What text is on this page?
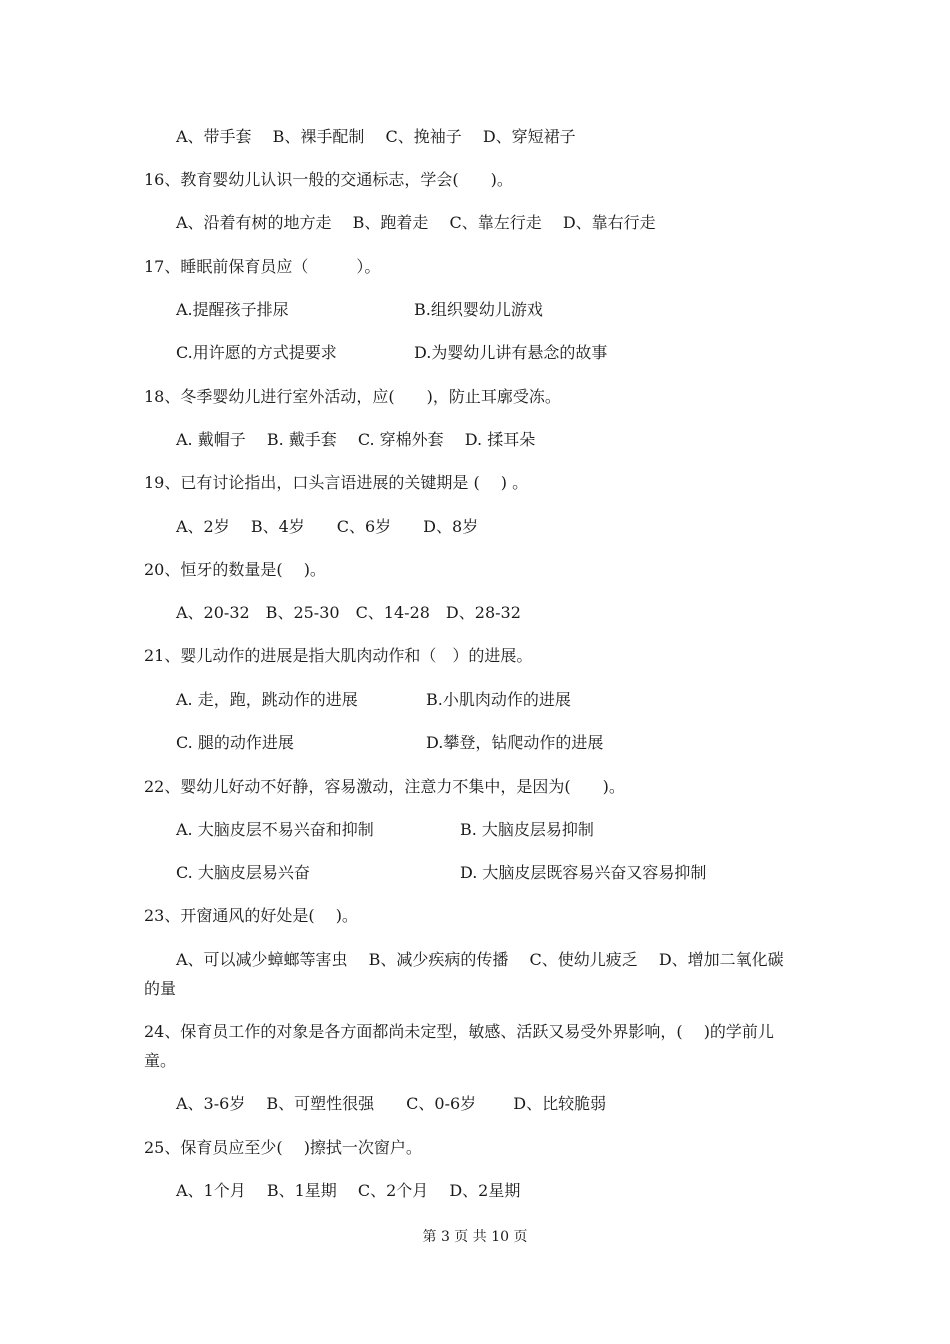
A、带手套　 B、裸手配制　 C、挽袖子　 D、穿短裙子
16、教育婴幼儿认识一般的交通标志，学会(　　)。
A、沿着有树的地方走　 B、跑着走　 C、靠左行走　 D、靠右行走
17、睡眠前保育员应（　　　）。
A.提醒孩子排尿	B.组织婴幼儿游戏
C.用许愿的方式提要求	D.为婴幼儿讲有悬念的故事
18、冬季婴幼儿进行室外活动，应(　　)，防止耳廓受冻。
A. 戴帽子　 B. 戴手套　 C. 穿棉外套　 D. 揉耳朵
19、已有讨论指出，口头言语进展的关键期是 (　 ) 。
A、2岁　 B、4岁　　C、6岁　　D、8岁
20、恒牙的数量是(　 )。
A、20-32　B、25-30　C、14-28　D、28-32
21、婴儿动作的进展是指大肌肉动作和（　）的进展。
A. 走，跑，跳动作的进展	B.小肌肉动作的进展
C. 腿的动作进展	D.攀登，钻爬动作的进展
22、婴幼儿好动不好静，容易激动，注意力不集中，是因为(　　)。
A. 大脑皮层不易兴奋和抑制	B. 大脑皮层易抑制
C. 大脑皮层易兴奋	D. 大脑皮层既容易兴奋又容易抑制
23、开窗通风的好处是(　 )。
A、可以减少蟑螂等害虫　 B、减少疾病的传播　 C、使幼儿疲乏　 D、增加二氧化碳
的量
24、保育员工作的对象是各方面都尚未定型，敏感、活跃又易受外界影响，(　 )的学前儿
童。
A、3-6岁　 B、可塑性很强　　C、0-6岁　　 D、比较脆弱
25、保育员应至少(　 )擦拭一次窗户。
A、1个月　 B、1星期　 C、2个月　 D、2星期
第 3 页 共 10 页
